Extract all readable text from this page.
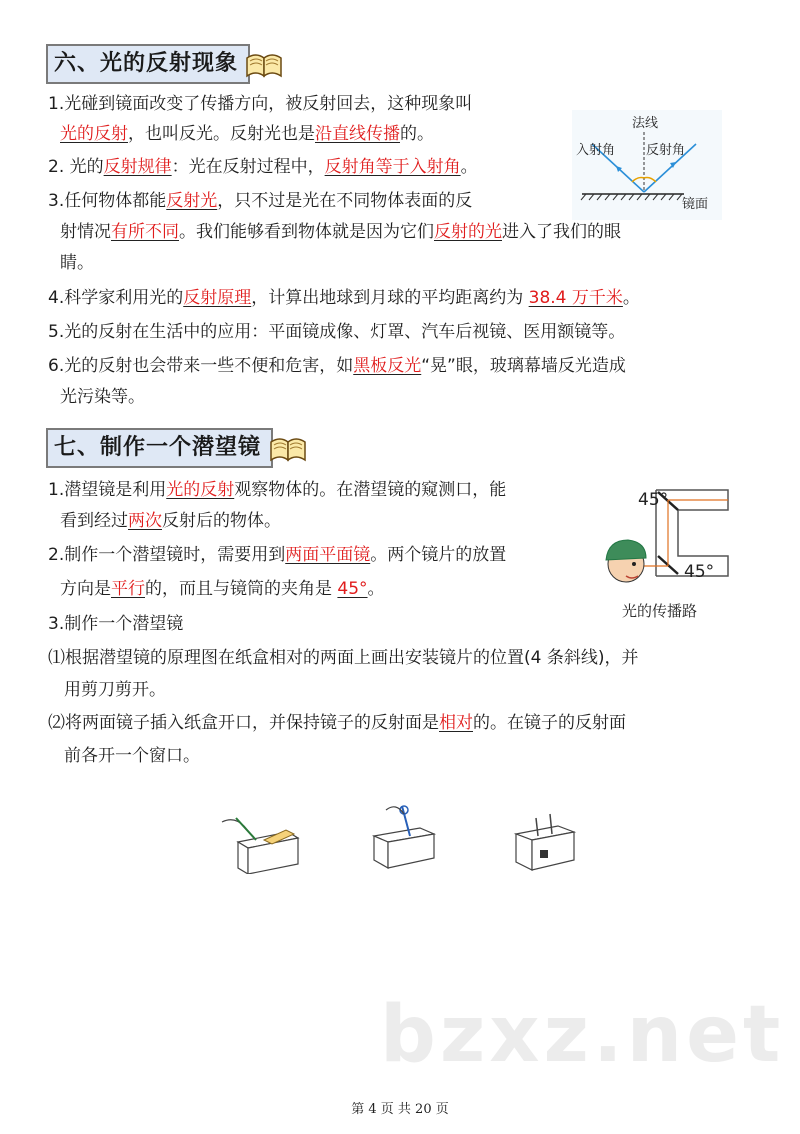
六、光的反射现象
1.光碰到镜面改变了传播方向，被反射回去，这种现象叫
光的反射，也叫反光。反射光也是沿直线传播的。
2. 光的反射规律：光在反射过程中，反射角等于入射角。
3.任何物体都能反射光，只不过是光在不同物体表面的反
射情况有所不同。我们能够看到物体就是因为它们反射的光进入了我们的眼
睛。
4.科学家利用光的反射原理，计算出地球到月球的平均距离约为 38.4 万千米。
5.光的反射在生活中的应用：平面镜成像、灯罩、汽车后视镜、医用额镜等。
6.光的反射也会带来一些不便和危害，如黑板反光“晃”眼，玻璃幕墙反光造成
光污染等。
法线
入射角 反射角
镜面
七、制作一个潜望镜
1.潜望镜是利用光的反射观察物体的。在潜望镜的窥测口，能
看到经过两次反射后的物体。
2.制作一个潜望镜时，需要用到两面平面镜。两个镜片的放置
方向是平行的，而且与镜筒的夹角是 45°。
3.制作一个潜望镜
⑴根据潜望镜的原理图在纸盒相对的两面上画出安装镜片的位置(4 条斜线)，并
用剪刀剪开。
⑵将两面镜子插入纸盒开口，并保持镜子的反射面是相对的。在镜子的反射面
前各开一个窗口。
45°
45°
光的传播路
bzxz.net
第 4 页 共 20 页
